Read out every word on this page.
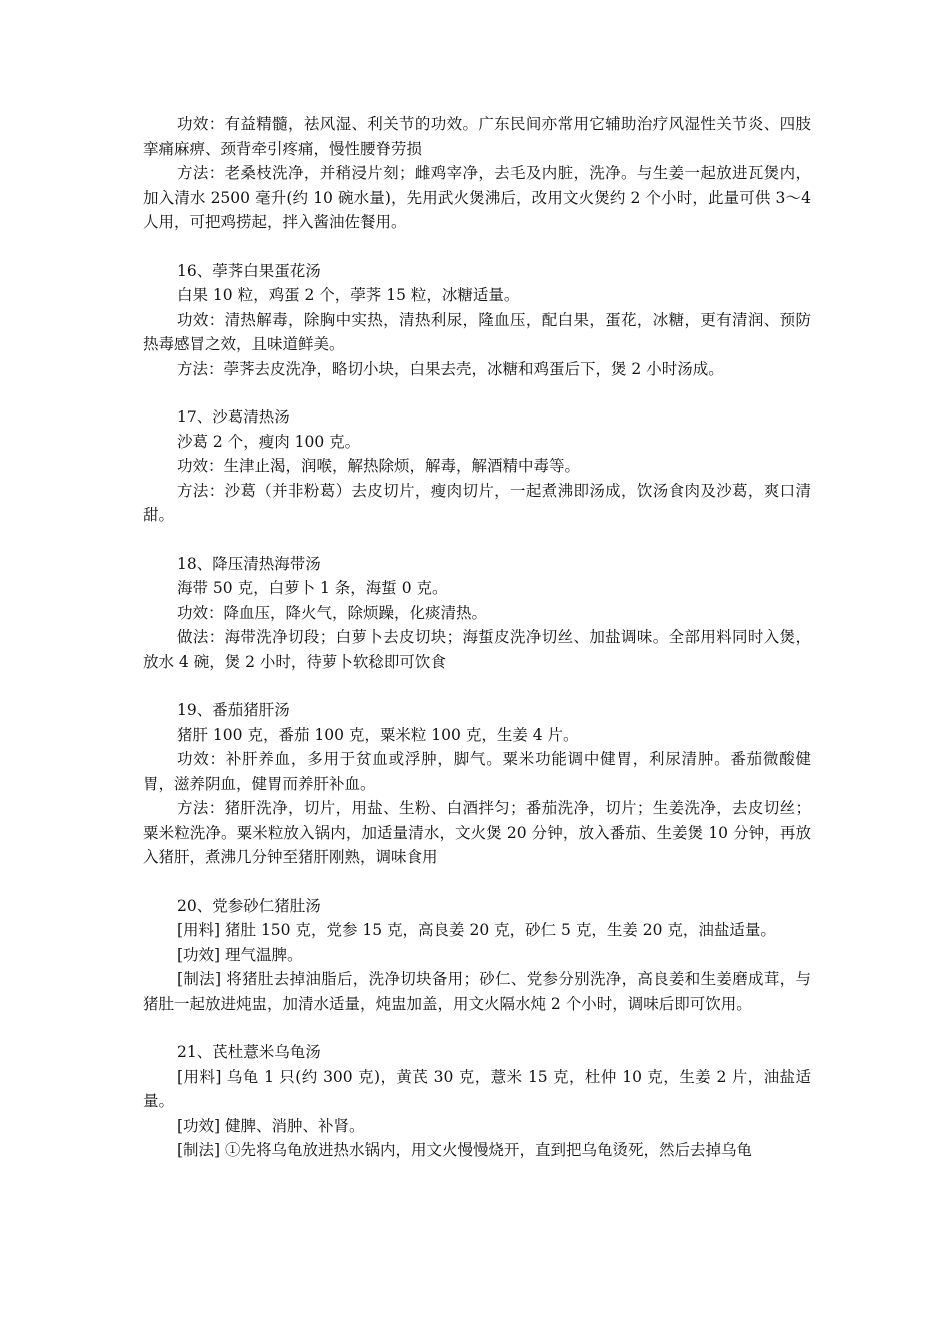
功效：有益精髓，祛风湿、利关节的功效。广东民间亦常用它辅助治疗风湿性关节炎、四肢挛痛麻痹、颈背牵引疼痛，慢性腰脊劳损

方法：老桑枝洗净，并稍浸片刻；雌鸡宰净，去毛及内脏，洗净。与生姜一起放进瓦煲内，加入清水 2500 毫升(约 10 碗水量)，先用武火煲沸后，改用文火煲约 2 个小时，此量可供 3～4 人用，可把鸡捞起，拌入酱油佐餐用。

16、荸荠白果蛋花汤

白果 10 粒，鸡蛋 2 个，荸荠 15 粒，冰糖适量。

功效：清热解毒，除胸中实热，清热利尿，隆血压，配白果，蛋花，冰糖，更有清润、预防热毒感冒之效，且味道鲜美。

方法：荸荠去皮洗净，略切小块，白果去壳，冰糖和鸡蛋后下，煲 2 小时汤成。

17、沙葛清热汤

沙葛 2 个，瘦肉 100 克。

功效：生津止渴，润喉，解热除烦，解毒，解酒精中毒等。

方法：沙葛（并非粉葛）去皮切片，瘦肉切片，一起煮沸即汤成，饮汤食肉及沙葛，爽口清甜。

18、降压清热海带汤

海带 50 克，白萝卜 1 条，海蜇 0 克。

功效：降血压，降火气，除烦躁，化痰清热。

做法：海带洗净切段；白萝卜去皮切块；海蜇皮洗净切丝、加盐调味。全部用料同时入煲，放水 4 碗，煲 2 小时，待萝卜软稔即可饮食

19、番茄猪肝汤

猪肝 100 克，番茄 100 克，粟米粒 100 克，生姜 4 片。

功效：补肝养血，多用于贫血或浮肿，脚气。粟米功能调中健胃，利尿清肿。番茄微酸健胃，滋养阴血，健胃而养肝补血。

方法：猪肝洗净，切片，用盐、生粉、白酒拌匀；番茄洗净，切片；生姜洗净，去皮切丝；粟米粒洗净。粟米粒放入锅内，加适量清水，文火煲 20 分钟，放入番茄、生姜煲 10 分钟，再放入猪肝，煮沸几分钟至猪肝刚熟，调味食用

20、党参砂仁猪肚汤

[用料] 猪肚 150 克，党参 15 克，高良姜 20 克，砂仁 5 克，生姜 20 克，油盐适量。

[功效] 理气温脾。

[制法] 将猪肚去掉油脂后，洗净切块备用；砂仁、党参分别洗净，高良姜和生姜磨成茸，与猪肚一起放进炖盅，加清水适量，炖盅加盖，用文火隔水炖 2 个小时，调味后即可饮用。

21、芪杜薏米乌龟汤

[用料] 乌龟 1 只(约 300 克)，黄芪 30 克，薏米 15 克，杜仲 10 克，生姜 2 片，油盐适量。

[功效] 健脾、消肿、补肾。

[制法] ①先将乌龟放进热水锅内，用文火慢慢烧开，直到把乌龟烫死，然后去掉乌龟
